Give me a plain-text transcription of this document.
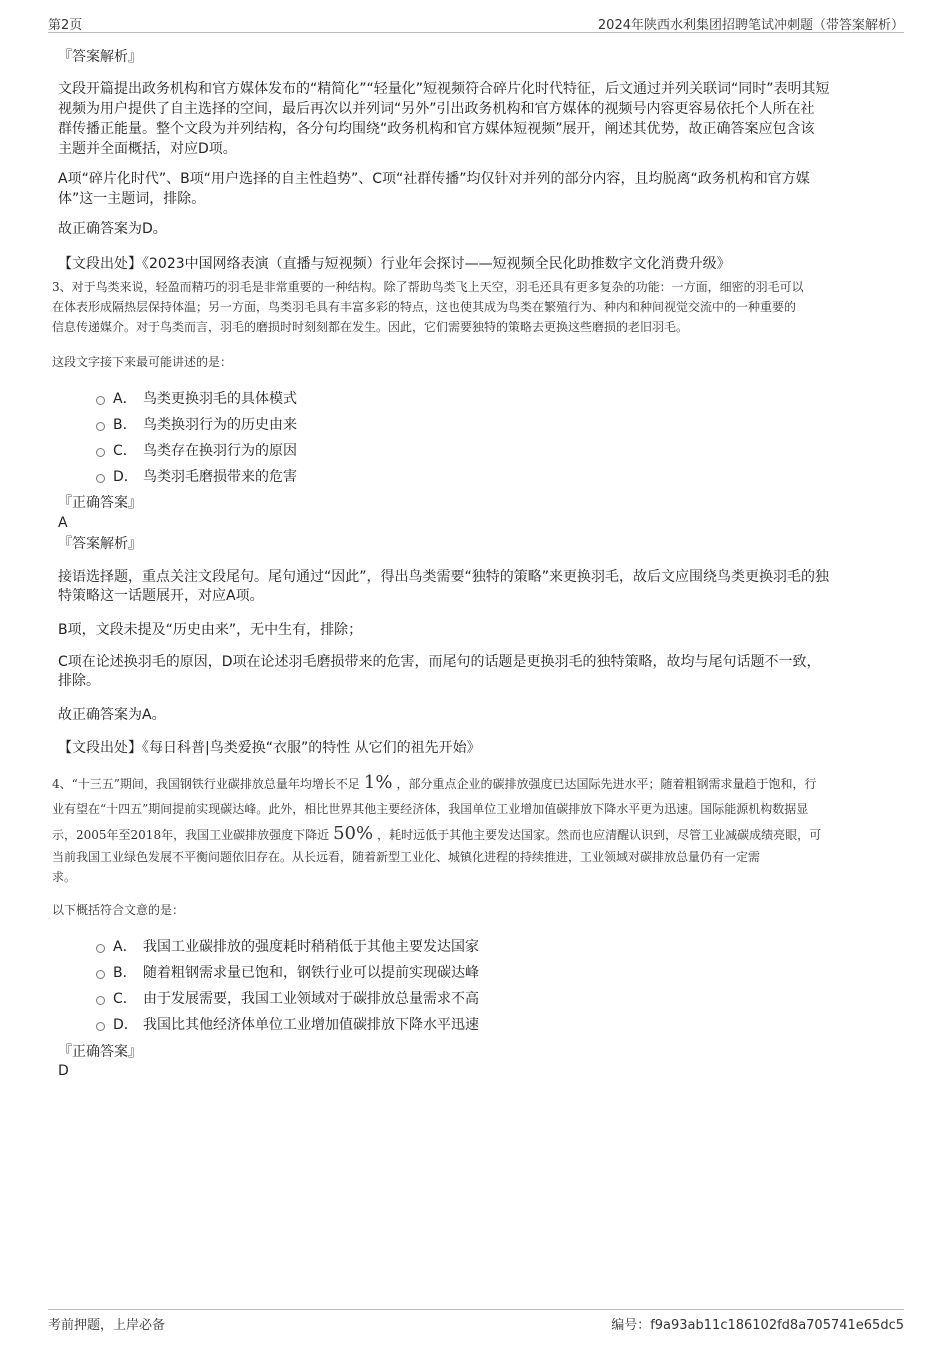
第2页	2024年陕西水利集团招聘笔试冲刺题（带答案解析）
『答案解析』
文段开篇提出政务机构和官方媒体发布的“精简化”“轻量化”短视频符合碎片化时代特征，后文通过并列关联词“同时”表明其短
视频为用户提供了自主选择的空间，最后再次以并列词“另外”引出政务机构和官方媒体的视频号内容更容易依托个人所在社
群传播正能量。整个文段为并列结构，各分句均围绕“政务机构和官方媒体短视频”展开，阐述其优势，故正确答案应包含该
主题并全面概括，对应D项。
A项“碎片化时代”、B项“用户选择的自主性趋势”、C项“社群传播”均仅针对并列的部分内容，且均脱离“政务机构和官方媒
体”这一主题词，排除。
故正确答案为D。
【文段出处】《2023中国网络表演（直播与短视频）行业年会探讨——短视频全民化助推数字文化消费升级》
3、对于鸟类来说，轻盈而精巧的羽毛是非常重要的一种结构。除了帮助鸟类飞上天空，羽毛还具有更多复杂的功能：一方面，细密的羽毛可以
在体表形成隔热层保持体温；另一方面，鸟类羽毛具有丰富多彩的特点，这也使其成为鸟类在繁殖行为、种内和种间视觉交流中的一种重要的
信息传递媒介。对于鸟类而言，羽毛的磨损时时刻刻都在发生。因此，它们需要独特的策略去更换这些磨损的老旧羽毛。
这段文字接下来最可能讲述的是：
A． 鸟类更换羽毛的具体模式
B． 鸟类换羽行为的历史由来
C． 鸟类存在换羽行为的原因
D． 鸟类羽毛磨损带来的危害
『正确答案』
A
『答案解析』
接语选择题，重点关注文段尾句。尾句通过“因此”，得出鸟类需要“独特的策略”来更换羽毛，故后文应围绕鸟类更换羽毛的独
特策略这一话题展开，对应A项。
B项，文段未提及“历史由来”，无中生有，排除；
C项在论述换羽毛的原因，D项在论述羽毛磨损带来的危害，而尾句的话题是更换羽毛的独特策略，故均与尾句话题不一致，
排除。
故正确答案为A。
【文段出处】《每日科普|鸟类爱换“衣服”的特性 从它们的祖先开始》
4、“十三五”期间，我国钢铁行业碳排放总量年均增长不足 1% ，部分重点企业的碳排放强度已达国际先进水平；随着粗钢需求量趋于饱和，行
业有望在“十四五”期间提前实现碳达峰。此外，相比世界其他主要经济体，我国单位工业增加值碳排放下降水平更为迅速。国际能源机构数据显
示，2005年至2018年，我国工业碳排放强度下降近 50% ，耗时远低于其他主要发达国家。然而也应清醒认识到，尽管工业减碳成绩亮眼，可
当前我国工业绿色发展不平衡问题依旧存在。从长远看，随着新型工业化、城镇化进程的持续推进，工业领域对碳排放总量仍有一定需
求。
以下概括符合文意的是：
A． 我国工业碳排放的强度耗时稍稍低于其他主要发达国家
B． 随着粗钢需求量已饱和，钢铁行业可以提前实现碳达峰
C． 由于发展需要，我国工业领域对于碳排放总量需求不高
D． 我国比其他经济体单位工业增加值碳排放下降水平迅速
『正确答案』
D
考前押题，上岸必备	编号：f9a93ab11c186102fd8a705741e65dc5
